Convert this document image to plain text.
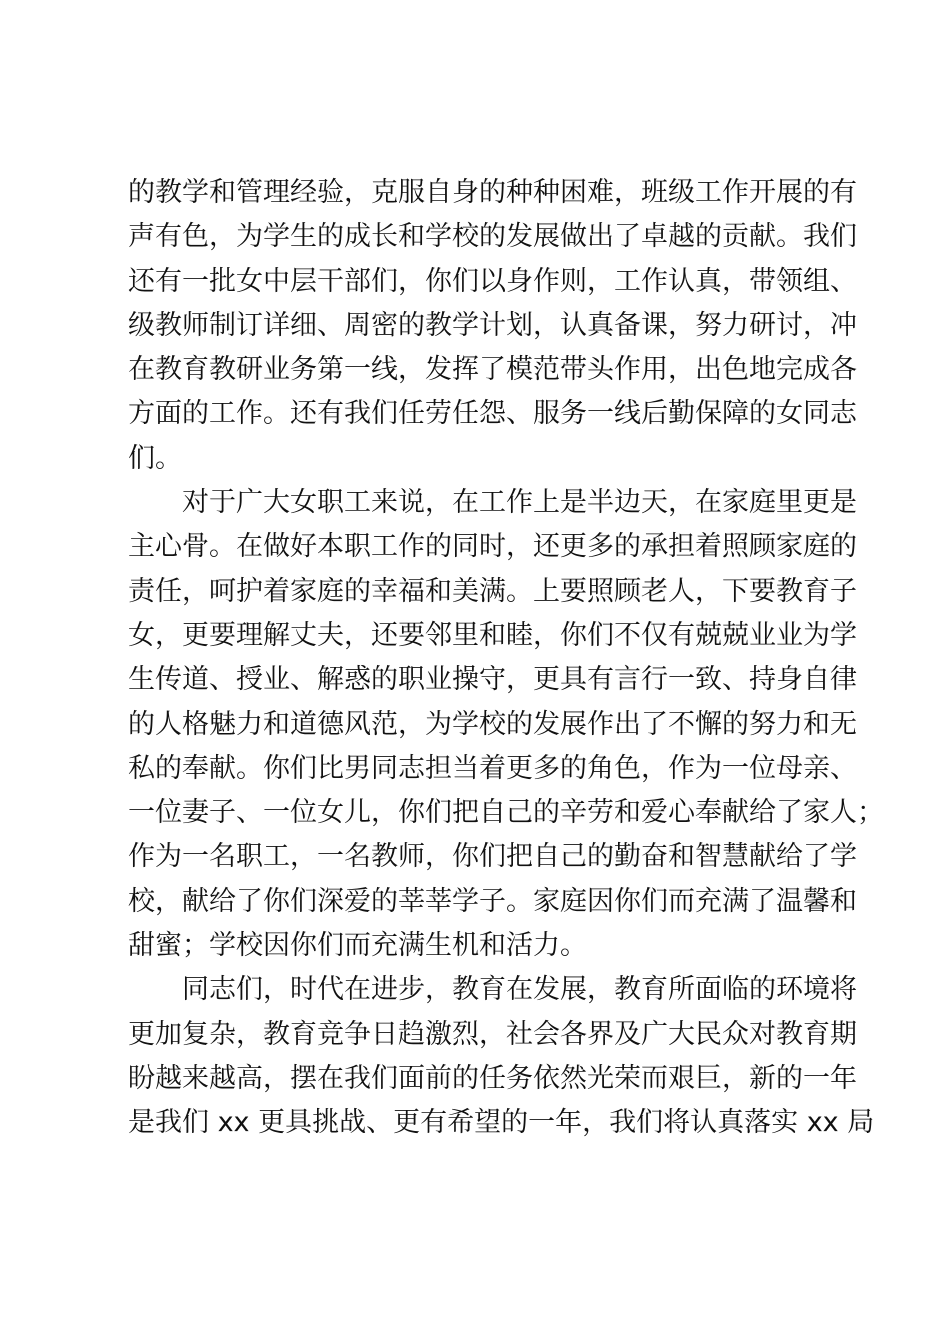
的教学和管理经验，克服自身的种种困难，班级工作开展的有
声有色，为学生的成长和学校的发展做出了卓越的贡献。我们
还有一批女中层干部们，你们以身作则，工作认真，带领组、
级教师制订详细、周密的教学计划，认真备课，努力研讨，冲
在教育教研业务第一线，发挥了模范带头作用，出色地完成各
方面的工作。还有我们任劳任怨、服务一线后勤保障的女同志
们。
　　对于广大女职工来说，在工作上是半边天，在家庭里更是
主心骨。在做好本职工作的同时，还更多的承担着照顾家庭的
责任，呵护着家庭的幸福和美满。上要照顾老人，下要教育子
女，更要理解丈夫，还要邻里和睦，你们不仅有兢兢业业为学
生传道、授业、解惑的职业操守，更具有言行一致、持身自律
的人格魅力和道德风范，为学校的发展作出了不懈的努力和无
私的奉献。你们比男同志担当着更多的角色，作为一位母亲、
一位妻子、一位女儿，你们把自己的辛劳和爱心奉献给了家人；
作为一名职工，一名教师，你们把自己的勤奋和智慧献给了学
校，献给了你们深爱的莘莘学子。家庭因你们而充满了温馨和
甜蜜；学校因你们而充满生机和活力。
　　同志们，时代在进步，教育在发展，教育所面临的环境将
更加复杂，教育竞争日趋激烈，社会各界及广大民众对教育期
盼越来越高，摆在我们面前的任务依然光荣而艰巨，新的一年
是我们 xx 更具挑战、更有希望的一年，我们将认真落实 xx 局
